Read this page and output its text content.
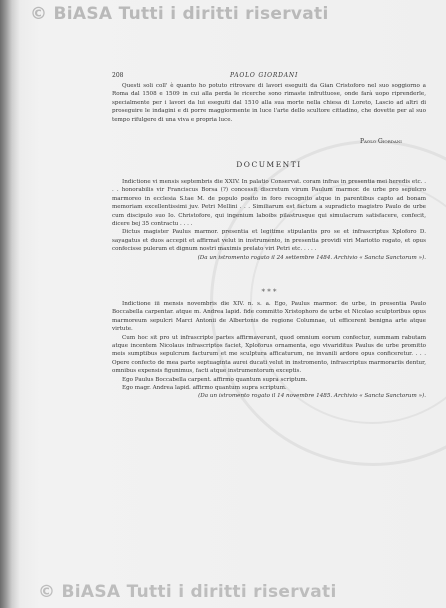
© BiASA Tutti i diritti riservati
208	PAOLO GIORDANI

Questi soli coll' è quanto ho potuto ritrovare di lavori eseguiti da Gian Cristoforo nel suo soggiorno a Roma dal 1508 e 1509 in cui alla perda le ricerche sono rimaste infruttuose, onde farà uopo riprenderle, specialmente per i lavori da lui eseguiti dal 1510 alla sua morte nella chiesa di Loreto, Lascio ad altri di proseguire le indagini e di porre maggiormente in luce l'arte dello scultore cittadino, che dovette per al suo tempo rifulgere di una viva e propria luce.

Paolo Giordani
DOCUMENTI

Indictione vi mensis septembris die XXIV. In palatio Conservat. coram infras in presentia mei heredis etc. . . . honorabilis vir Franciscus Borsa (?) concessit discretum virum Paulum marmor. de urbe pro sepulcro marmoreo in ecclesia S.tae M. de populo posito in foro recognito atque in parentibus capto ad bonam memoriam excellentissimi juv. Petri Mellini . . . Similiarum est factum a supradicto magistro Paulo de urbe cum discipulo suo Io. Christofore, qui ingenium laboibs pilastrusque qui simulacrum satisfacere, confecit, dicere bej 35 contractu . . . .

Dictus magister Paulus marmor. presentia et legitime stipulantis pro se et infrascriptus Xploforo D. sayagatus et duos accepit et affirmat velut in instrumento, in presentia providi viri Mariotto rogato, et opus confecisse pulerum et dignum nostri maximis prelato viri Petri etc. . . . .

(Da un istromento rogato il 24 settembre 1484. Archivio « Sancta Sanctorum »).

* * *

Indictione iii mensis novembris die XIV. n. s. a. Ego, Paulus marmor. de urbe, in presentia Paulo Boccabella carpentar. atque m. Andrea lapid. fide committo Xristophoro de urbe et Nicolao sculptoribus opus marmoreum sepulcri Marci Antonii de Albertonis de regione Columnae, ut efficerent benigna arte atque virtute.

Cum hoc sit pro ut infrascripte partes affirmaverunt, quod omnium eorum confectur, summam rabutam atque incentem Nicolaus infrascriptos faciet, Xploforus ornamenta, ego vivariditus Paulus de urbe promitto meis sumptibus sepulcrum facturum et me sculptura afficaturum, ne invanili ardore opus conficeretur. . . . Opere confecto de mea parte septuaginta aurei ducati velut in instromento, infrascriptus marmorariis dentur, omnibus expensis figunimus, facti atque instrumentorum exceptis.

Ego Paulus Boccabella carpent. affirmo quantum supra scriptum.

Ego magr. Andrea lapid. affirmo quantum supra scriptum.

(Da un istromento rogato il 14 novembre 1485. Archivio « Sancta Sanctorum »).

© BiASA Tutti i diritti riservati
